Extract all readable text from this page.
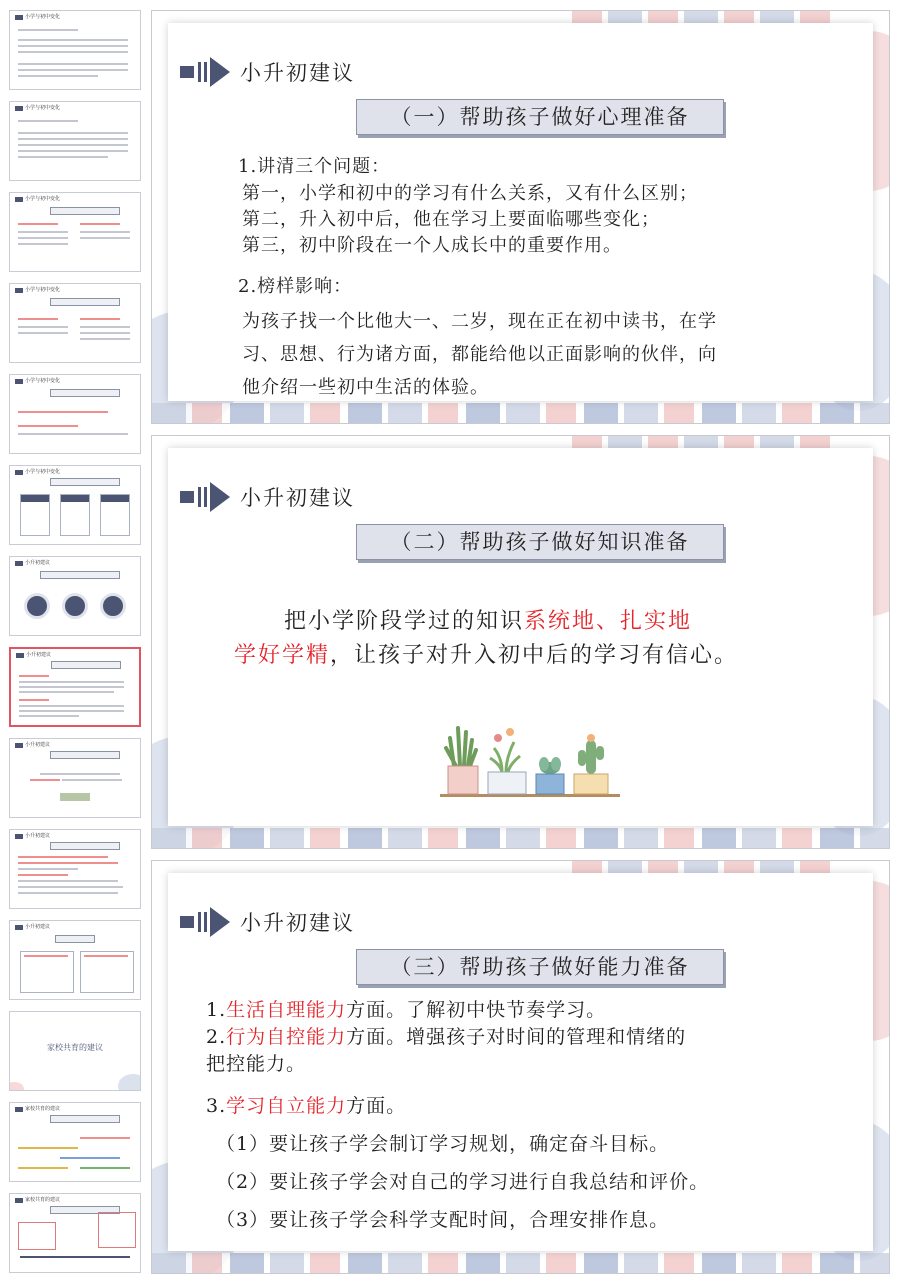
小学与初中变化
小学与初中变化
小学与初中变化
小学与初中变化
小学与初中变化
小学与初中变化
小升初建议
小升初建议
小升初建议
小升初建议
小升初建议
家校共育的建议
家校共育的建议
家校共育的建议
小升初建议
（一）帮助孩子做好心理准备
1.讲清三个问题：
第一，小学和初中的学习有什么关系，又有什么区别；
第二，升入初中后，他在学习上要面临哪些变化；
第三，初中阶段在一个人成长中的重要作用。
2.榜样影响：
为孩子找一个比他大一、二岁，现在正在初中读书，在学
习、思想、行为诸方面，都能给他以正面影响的伙伴，向
他介绍一些初中生活的体验。
小升初建议
（二）帮助孩子做好知识准备
把小学阶段学过的知识系统地、扎实地
学好学精，让孩子对升入初中后的学习有信心。
小升初建议
（三）帮助孩子做好能力准备
1.生活自理能力方面。了解初中快节奏学习。
2.行为自控能力方面。增强孩子对时间的管理和情绪的
把控能力。
3.学习自立能力方面。
（1）要让孩子学会制订学习规划，确定奋斗目标。
（2）要让孩子学会对自己的学习进行自我总结和评价。
（3）要让孩子学会科学支配时间，合理安排作息。
